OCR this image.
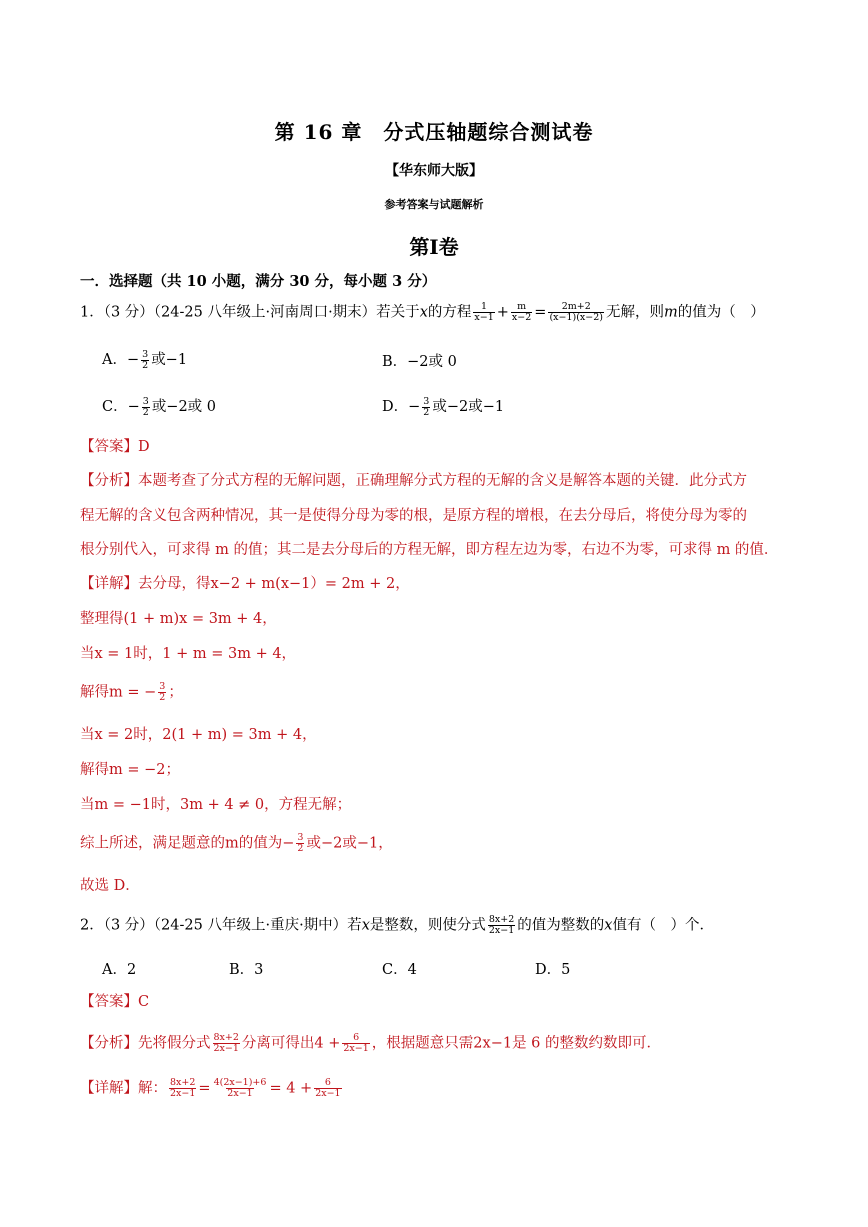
第 16 章　分式压轴题综合测试卷
【华东师大版】
参考答案与试题解析
第Ⅰ卷
一．选择题（共 10 小题，满分 30 分，每小题 3 分）
1．（3 分）（24-25 八年级上·河南周口·期末）若关于x的方程 $\frac{1}{x-1} + \frac{m}{x-2} = \frac{2m+2}{(x-1)(x-2)}$ 无解，则m的值为（　）
A．− $\frac{3}{2}$ 或−1	B．−2或 0
C．− $\frac{3}{2}$ 或−2或 0	D．− $\frac{3}{2}$ 或−2或−1
【答案】D
【分析】本题考查了分式方程的无解问题，正确理解分式方程的无解的含义是解答本题的关键．此分式方
程无解的含义包含两种情况，其一是使得分母为零的根，是原方程的增根，在去分母后，将使分母为零的
根分别代入，可求得 m 的值；其二是去分母后的方程无解，即方程左边为零，右边不为零，可求得 m 的值．
【详解】去分母，得x−2 + m(x−1）= 2m + 2，
整理得(1 + m)x = 3m + 4，
当x = 1时，1 + m = 3m + 4，
解得m = − $\frac{3}{2}$ ；
当x = 2时，2(1 + m) = 3m + 4，
解得m = −2；
当m = −1时，3m + 4 ≠ 0，方程无解；
综上所述，满足题意的m的值为− $\frac{3}{2}$ 或−2或−1，
故选 D．
2．（3 分）（24-25 八年级上·重庆·期中）若x是整数，则使分式 $\frac{8x+2}{2x-1}$ 的值为整数的x值有（　）个．
A．2	B．3	C．4	D．5
【答案】C
【分析】先将假分式 $\frac{8x+2}{2x-1}$ 分离可得出$4 + \frac{6}{2x-1}$ ，根据题意只需2x−1是 6 的整数约数即可．
【详解】解： $\frac{8x+2}{2x-1} = \frac{4(2x-1)+6}{2x-1} = 4 + \frac{6}{2x-1}$
